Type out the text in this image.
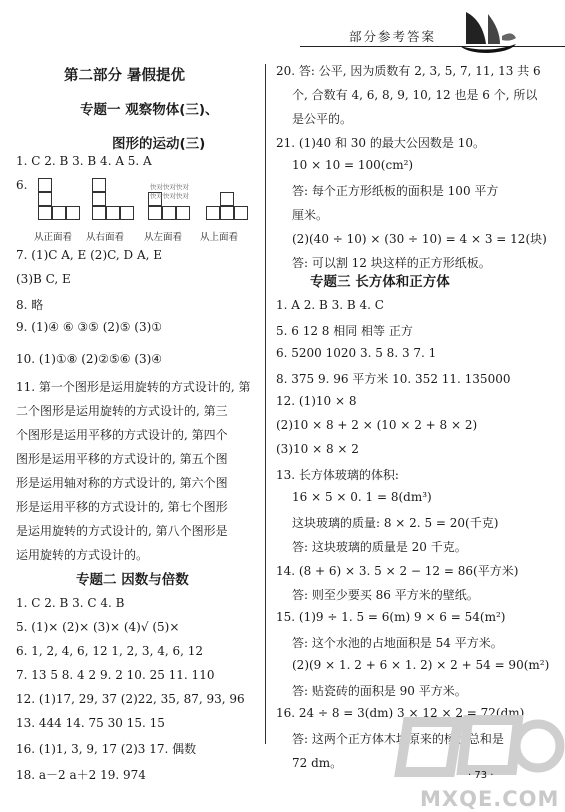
部分参考答案
第二部分 暑假提优
专题一 观察物体(三)、
图形的运动(三)
1. C 2. B 3. B 4. A 5. A
6.	快对快对快对
快对快对快对
从正面看 从右面看 从左面看 从上面看
7. (1)C A, E (2)C, D A, E
(3)B C, E
8. 略
9. (1)④ ⑥ ③⑤ (2)⑤ (3)①
10. (1)①⑧ (2)②⑤⑥ (3)④
11. 第一个图形是运用旋转的方式设计的, 第
二个图形是运用旋转的方式设计的, 第三
个图形是运用平移的方式设计的, 第四个
图形是运用平移的方式设计的, 第五个图
形是运用轴对称的方式设计的, 第六个图
形是运用平移的方式设计的, 第七个图形
是运用旋转的方式设计的, 第八个图形是
运用旋转的方式设计的。
专题二 因数与倍数
1. C 2. B 3. C 4. B
5. (1)× (2)× (3)× (4)√ (5)×
6. 1, 2, 4, 6, 12 1, 2, 3, 4, 6, 12
7. 13 5 8. 4 2 9. 2 10. 25 11. 110
12. (1)17, 29, 37 (2)22, 35, 87, 93, 96
13. 444 14. 75 30 15. 15
16. (1)1, 3, 9, 17 (2)3 17. 偶数
18. a－2 a＋2 19. 974
20. 答: 公平, 因为质数有 2, 3, 5, 7, 11, 13 共 6
个, 合数有 4, 6, 8, 9, 10, 12 也是 6 个, 所以
是公平的。
21. (1)40 和 30 的最大公因数是 10。
10 × 10 = 100(cm²)
答: 每个正方形纸板的面积是 100 平方
厘米。
(2)(40 ÷ 10) × (30 ÷ 10) = 4 × 3 = 12(块)
答: 可以割 12 块这样的正方形纸板。
专题三 长方体和正方体
1. A 2. B 3. B 4. C
5. 6 12 8 相同 相等 正方
6. 5200 1020 3. 5 8. 3 7. 1
8. 375 9. 96 平方米 10. 352 11. 135000
12. (1)10 × 8
(2)10 × 8 + 2 × (10 × 2 + 8 × 2)
(3)10 × 8 × 2
13. 长方体玻璃的体积:
16 × 5 × 0. 1 = 8(dm³)
这块玻璃的质量: 8 × 2. 5 = 20(千克)
答: 这块玻璃的质量是 20 千克。
14. (8 + 6) × 3. 5 × 2 − 12 = 86(平方米)
答: 则至少要买 86 平方米的壁纸。
15. (1)9 ÷ 1. 5 = 6(m) 9 × 6 = 54(m²)
答: 这个水池的占地面积是 54 平方米。
(2)(9 × 1. 2 + 6 × 1. 2) × 2 + 54 = 90(m²)
答: 贴瓷砖的面积是 90 平方米。
16. 24 ÷ 8 = 3(dm) 3 × 12 × 2 = 72(dm)
答: 这两个正方体木块原来的棱长总和是
72 dm。
MXQE.COM
· 73 ·
